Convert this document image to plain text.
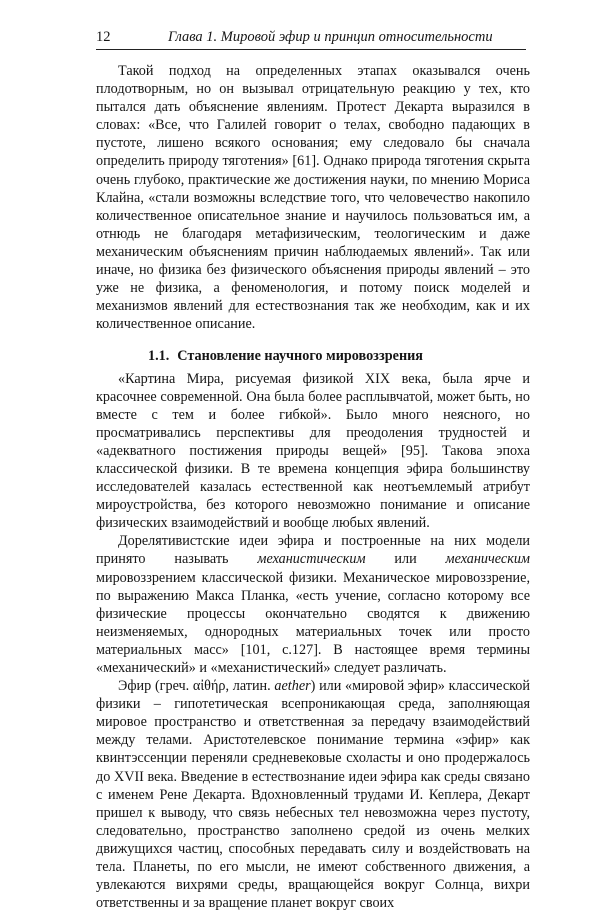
12	Глава 1. Мировой эфир и принцип относительности

Такой подход на определенных этапах оказывался очень плодотворным, но он вызывал отрицательную реакцию у тех, кто пытался дать объяснение явлениям. Протест Декарта выразился в словах: «Все, что Галилей говорит о телах, свободно падающих в пустоте, лишено всякого основания; ему следовало бы сначала определить природу тяготения» [61]. Однако природа тяготения скрыта очень глубоко, практические же достижения науки, по мнению Мориса Клайна, «стали возможны вследствие того, что человечество накопило количественное описательное знание и научилось пользоваться им, а отнюдь не благодаря метафизическим, теологическим и даже механическим объяснениям причин наблюдаемых явлений». Так или иначе, но физика без физического объяснения природы явлений – это уже не физика, а феноменология, и потому поиск моделей и механизмов явлений для естествознания так же необходим, как и их количественное описание.

1.1. Становление научного мировоззрения

«Картина Мира, рисуемая физикой XIX века, была ярче и красочнее современной. Она была более расплывчатой, может быть, но вместе с тем и более гибкой». Было много неясного, но просматривались перспективы для преодоления трудностей и «адекватного постижения природы вещей» [95]. Такова эпоха классической физики. В те времена концепция эфира большинству исследователей казалась естественной как неотъемлемый атрибут мироустройства, без которого невозможно понимание и описание физических взаимодействий и вообще любых явлений.

Дорелятивистские идеи эфира и построенные на них модели принято называть механистическим или механическим мировоззрением классической физики. Механическое мировоззрение, по выражению Макса Планка, «есть учение, согласно которому все физические процессы окончательно сводятся к движению неизменяемых, однородных материальных точек или просто материальных масс» [101, с.127]. В настоящее время термины «механический» и «механистический» следует различать.

Эфир (греч. αἰθήρ, латин. aether) или «мировой эфир» классической физики – гипотетическая всепроникающая среда, заполняющая мировое пространство и ответственная за передачу взаимодействий между телами. Аристотелевское понимание термина «эфир» как квинтэссенции переняли средневековые схоласты и оно продержалось до XVII века. Введение в естествознание идеи эфира как среды связано с именем Рене Декарта. Вдохновленный трудами И. Кеплера, Декарт пришел к выводу, что связь небесных тел невозможна через пустоту, следовательно, пространство заполнено средой из очень мелких движущихся частиц, способных передавать силу и воздействовать на тела. Планеты, по его мысли, не имеют собственного движения, а увлекаются вихрями среды, вращающейся вокруг Солнца, вихри ответственны и за вращение планет вокруг своих
